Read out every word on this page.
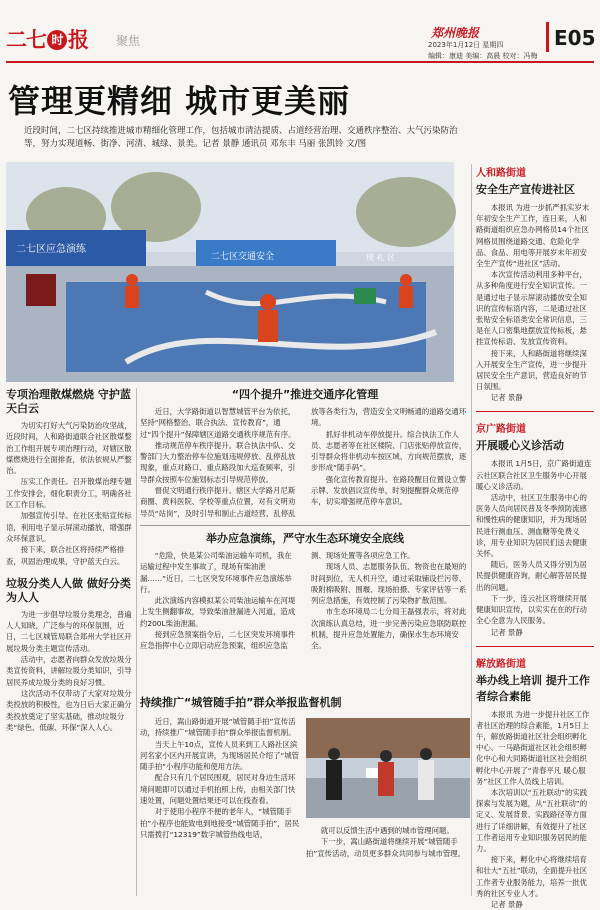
二七 时 报 聚焦
郑州晚报
2023年1月12日 星期四
编辑：康迪 美编：高晨 校对：冯梅
E05
管理更精细 城市更美丽
近段时间，二七区持续推进城市精细化管理工作，包括城市清洁提质、占道经营治理、交通秩序整治、大气污染防治等，努力实现道畅、街净、河清、城绿、景美。记者 景静 通讯员 邓东丰 马丽 张凯铃 文/图
二七区应急演练
二七区交通安全	现 礼 区
人和路街道
安全生产宣传进社区

本报讯 为进一步抓严抓实岁末年初安全生产工作，连日来，人和路街道组织应急办网格员14个社区网格员围绕道路交通、危险化学品、食品、用电等开展岁末年初安全生产宣传“进社区”活动。

本次宣传活动利用多种平台，从多种角度进行安全知识宣传。一是通过电子显示屏滚动播放安全知识的宣传标语内容，二是通过社区张贴安全标语类安全常识信息，三是在人口密集地摆放宣传标板，悬挂宣传标语、发放宣传资料。

接下来，人和路街道将继续深入开展安全生产宣传，进一步提升居民安全生产意识，营造良好的节日氛围。

记者 景静
京广路街道
开展暖心义诊活动

本报讯 1月5日，京广路街道连云社区联合社区卫生服务中心开展暖心义诊活动。

活动中，社区卫生服务中心的医务人员向居民普及冬季预防流感和慢性病的健康知识，并为现场居民进行测血压、测血糖等免费义诊，用专业知识为居民们送去健康关怀。

随后，医务人员又得分别为居民提供健康咨询，耐心解答居民提出的问题。

下一步，连云社区将继续开展健康知识宣传，以实实在在的行动全心全意为人民服务。

记者 景静
解放路街道
举办线上培训 提升工作者综合素能

本报讯 为进一步提升社区工作者社区治理的综合素能，1月5日上午，解放路街道社区社会组织孵化中心、一马路街道社区社会组织孵化中心和大同路街道社区社会组织孵化中心开展了“青春平凡 暖心服务”社区工作人员线上培训。

本次培训以“五社联动”的实践探索与发展为题，从“五社联动”的定义、发展背景、实践路径等方面进行了详细讲解，有效提升了社区工作者运用专业知识服务居民的能力。

接下来，孵化中心将继续培育和壮大“五社”联动，全面提升社区工作者专业服务能力，培养一批优秀的社区专业人才。

记者 景静
专项治理散煤燃烧 守护蓝天白云

为切实打好大气污染防治攻坚战，近段时间，人和路街道联合社区散煤整治工作组开展专项治理行动，对辖区散煤燃烧进行全面排查，依法依规从严整治。

压实工作责任。召开散煤治理专题工作安排会，细化职责分工，明确各社区工作目标。

加强宣传引导。在社区张贴宣传标语，利用电子显示屏滚动播放，增强群众环保意识。

接下来，联合社区将持续严格排查，巩固治理成果，守护蓝天白云。

垃圾分类人人做 做好分类为人人

为进一步倡导垃圾分类理念，普遍人人知晓，广泛参与的环保氛围，近日，二七区城管局联合郑州大学社区开展垃圾分类主题宣传活动。

活动中，志愿者向群众发放垃圾分类宣传资料，讲解垃圾分类知识，引导居民养成垃圾分类的良好习惯。

这次活动不仅带动了大家对垃圾分类投放的积极性，也为日后大家正确分类投放奠定了坚实基础，推动垃圾分类“绿色、低碳、环保”深入人心。

“四个提升”推进交通序化管理

近日，大学路街道以智慧城管平台为依托，坚持“网格整治、联合执法、宣传教育”，通过“四个提升”保障辖区道路交通秩序规范有序。

推动规范停车秩序提升。联合执法中队、交警部门大力整治停车位施划违规停放、乱停乱放现象，重点对路口、重点路段加大巡查频率，引导群众按照车位施划标志引导规范停放。

督促文明通行秩序提升。辖区大学路月尼斯商圈、黄科医院、学校等重点位置，对有文明劝导员“站岗”，及时引导和制止占道经营、乱停乱放等各类行为，营造安全文明畅通的道路交通环境。

抓好非机动车停放提升。综合执法工作人员、志愿者等在社区楼院、门店张贴停放宣传，引导群众将非机动车按区域、方向规范摆放，逐步形成“随手码”。

强化宣传教育提升。在路段醒目位置设立警示牌、发放倡议宣传单，时刻提醒群众规范停车，切实增强规范停车意识。

举办应急演练，严守水生态环境安全底线

“危险，快是某公司柴油运输车司机，我在运输过程中发生事故了，现场有柴油泄漏……”近日，二七区突发环境事件应急演练举行。

此次演练内容模拟某公司柴油运输车在河堤上发生侧翻事故，导致柴油泄漏进入河道，造成约200L柴油泄漏。

接到应急预案指令后，二七区突发环境事件应急指挥中心立即启动应急预案，组织应急监测、现场处置等各项应急工作。

现场人员、志愿服务队伍、物资也在最短的时间到位，无人机升空，通过采取铺设拦污带、吸附棉吸附、围堰、现场拍摄、专家评估等一系列应急措施，有效控制了污染物扩散范围。

市生态环境局二七分局王磊强表示，将对此次演练认真总结，进一步完善污染应急联防联控机制，提升应急处置能力，确保水生态环境安全。

持续推广“城管随手拍”群众举报监督机制

近日，嵩山路街道开展“城管随手拍”宣传活动，持续推广“城管随手拍”群众举报监督机制。

当天上午10点，宣传人员来到工人路社区滨河名家小区内开展宣讲，为现场居民介绍了“城管随手拍”小程序功能和使用方法。

配合只有几个居民围观，居民对身边生活环境问题即可以通过手机拍照上传，由相关部门快速处置，问题处置结果还可以在线查看。

对于使用小程序不便的老年人，“城管随手拍”小程序也能致电到地接受“城管随手拍”，居民只需拨打“12319”数字城管热线电话，	就可以反馈生活中遇到的城市管理问题。

下一步，嵩山路街道将继续开展“城管随手拍”宣传活动，动员更多群众共同参与城市管理。
